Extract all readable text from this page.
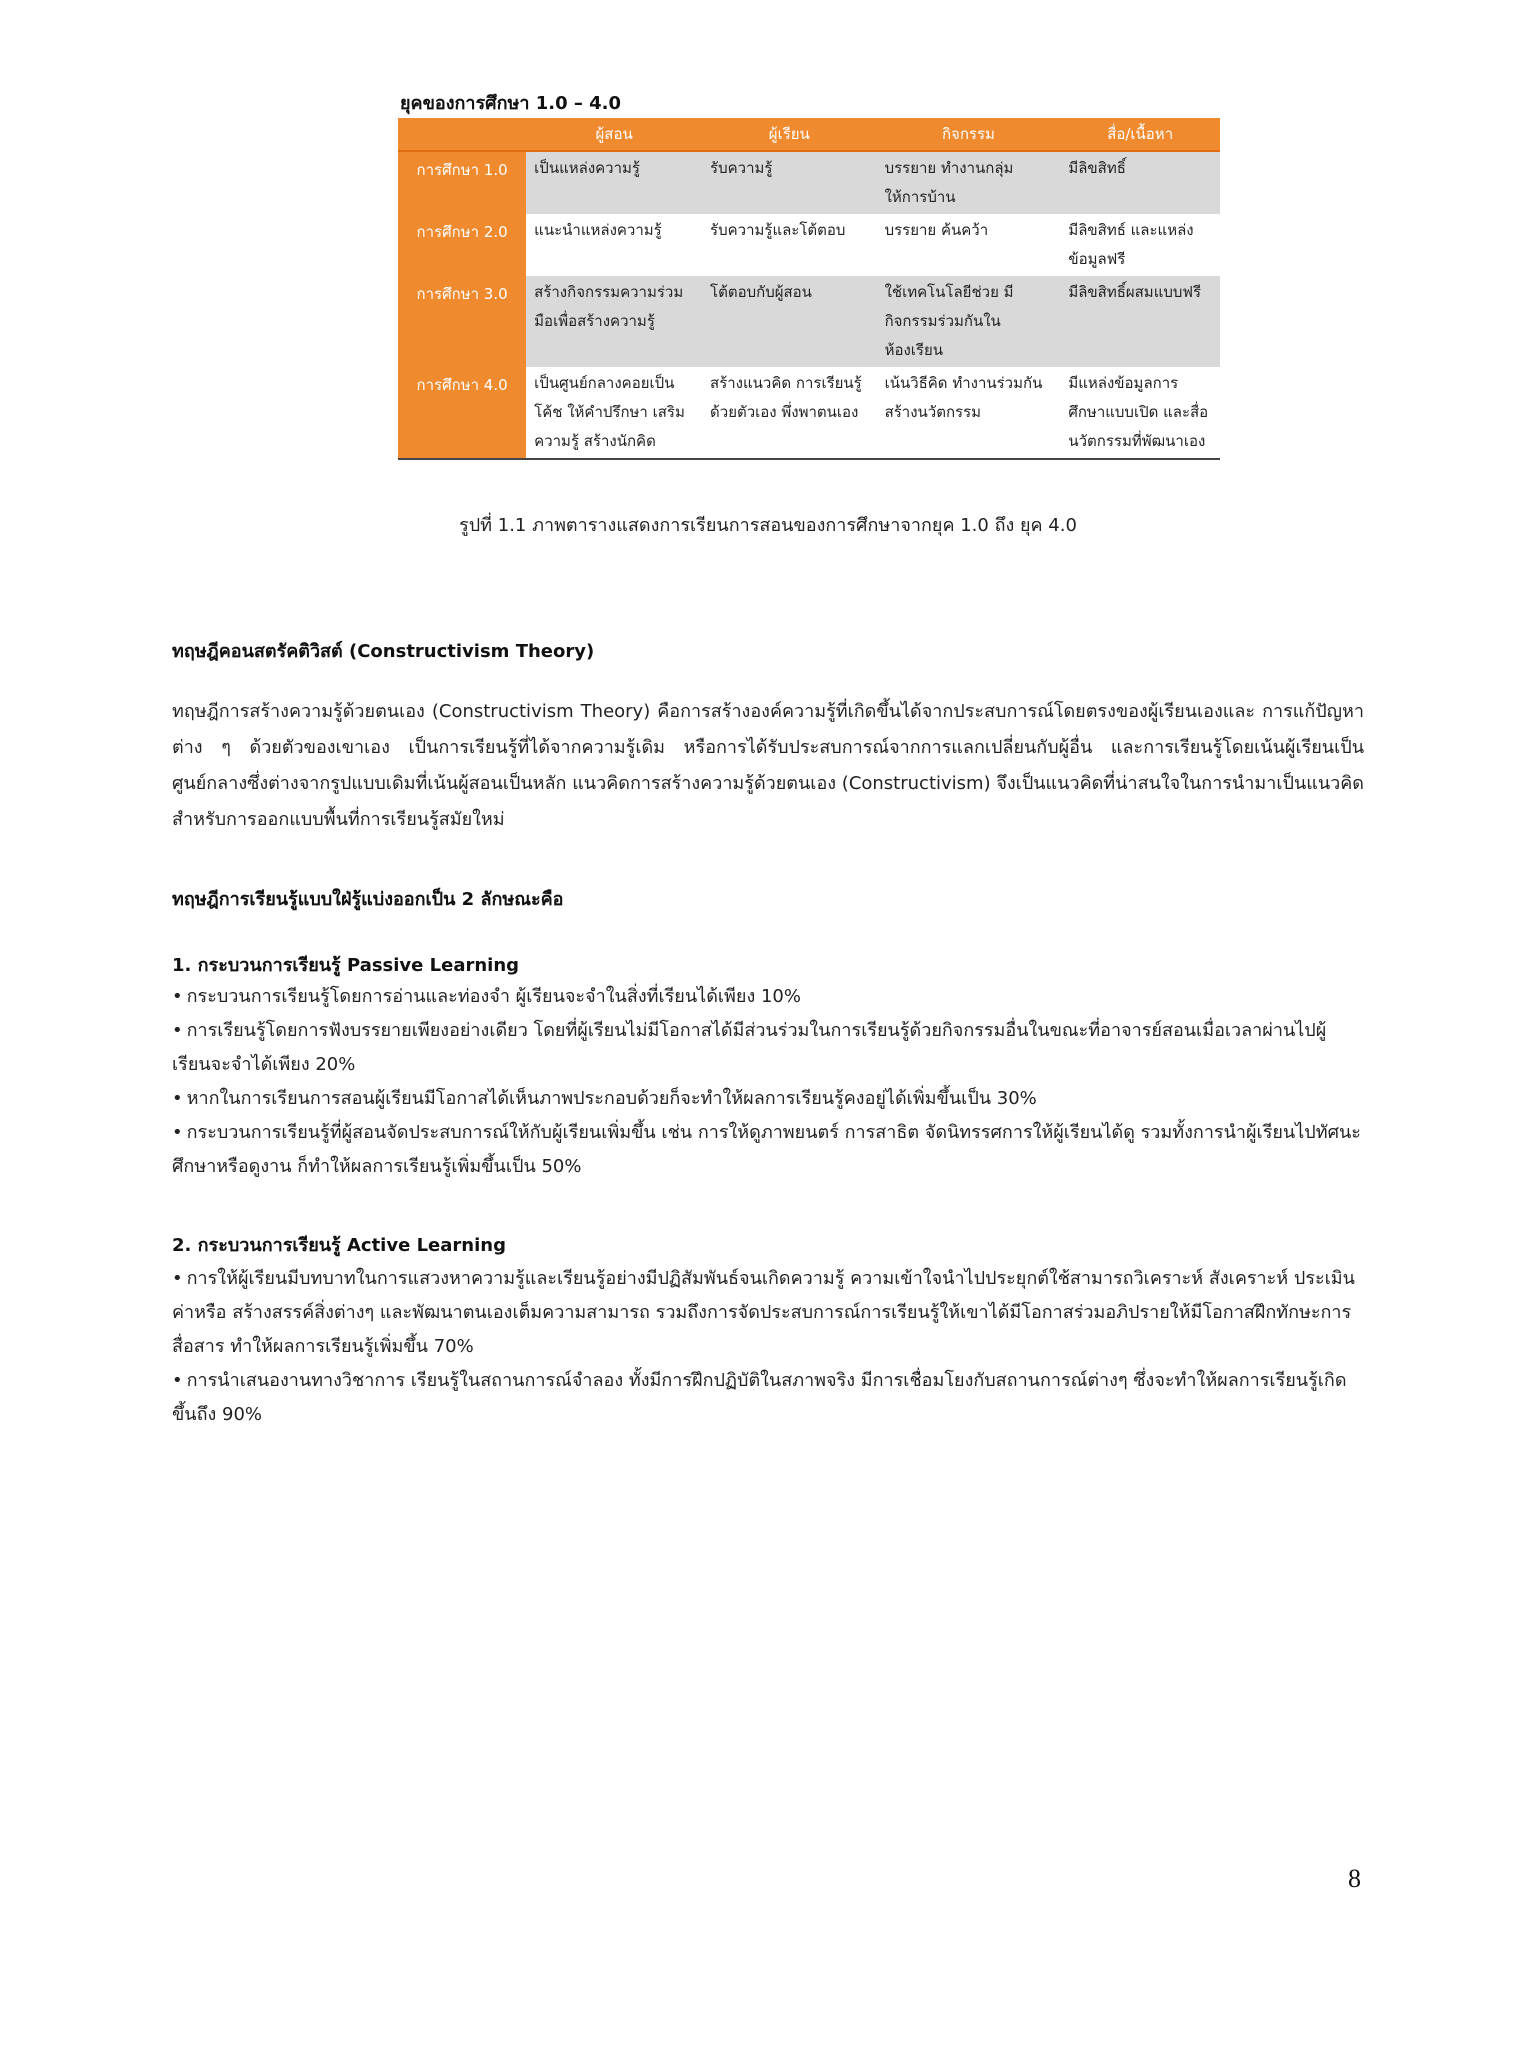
ยุคของการศึกษา 1.0 – 4.0
	ผู้สอน	ผู้เรียน	กิจกรรม	สื่อ/เนื้อหา
การศึกษา 1.0	เป็นแหล่งความรู้	รับความรู้	บรรยาย ทำงานกลุ่ม ให้การบ้าน	มีลิขสิทธิ์
การศึกษา 2.0	แนะนำแหล่งความรู้	รับความรู้และโต้ตอบ	บรรยาย ค้นคว้า	มีลิขสิทธ์ และแหล่งข้อมูลฟรี
การศึกษา 3.0	สร้างกิจกรรมความร่วมมือเพื่อสร้างความรู้	โต้ตอบกับผู้สอน	ใช้เทคโนโลยีช่วย มีกิจกรรมร่วมกันในห้องเรียน	มีลิขสิทธิ์ผสมแบบฟรี
การศึกษา 4.0	เป็นศูนย์กลางคอยเป็นโค้ช ให้คำปรึกษา เสริมความรู้ สร้างนักคิด	สร้างแนวคิด การเรียนรู้ด้วยตัวเอง พึ่งพาตนเอง	เน้นวิธีคิด ทำงานร่วมกัน สร้างนวัตกรรม	มีแหล่งข้อมูลการศึกษาแบบเปิด และสื่อนวัตกรรมที่พัฒนาเอง
รูปที่ 1.1 ภาพตารางแสดงการเรียนการสอนของการศึกษาจากยุค 1.0 ถึง ยุค 4.0
ทฤษฎีคอนสตรัคติวิสต์ (Constructivism Theory)

ทฤษฎีการสร้างความรู้ด้วยตนเอง (Constructivism Theory) คือการสร้างองค์ความรู้ที่เกิดขึ้นได้จากประสบการณ์โดยตรงของผู้เรียนเองและ การแก้ปัญหาต่าง ๆ ด้วยตัวของเขาเอง เป็นการเรียนรู้ที่ได้จากความรู้เดิม หรือการได้รับประสบการณ์จากการแลกเปลี่ยนกับผู้อื่น และการเรียนรู้โดยเน้นผู้เรียนเป็นศูนย์กลางซึ่งต่างจากรูปแบบเดิมที่เน้นผู้สอนเป็นหลัก แนวคิดการสร้างความรู้ด้วยตนเอง (Constructivism) จึงเป็นแนวคิดที่น่าสนใจในการนำมาเป็นแนวคิดสำหรับการออกแบบพื้นที่การเรียนรู้สมัยใหม่

ทฤษฎีการเรียนรู้แบบใฝ่รู้แบ่งออกเป็น 2 ลักษณะคือ
1. กระบวนการเรียนรู้ Passive Learning
• กระบวนการเรียนรู้โดยการอ่านและท่องจำ ผู้เรียนจะจำในสิ่งที่เรียนได้เพียง 10%
• การเรียนรู้โดยการฟังบรรยายเพียงอย่างเดียว โดยที่ผู้เรียนไม่มีโอกาสได้มีส่วนร่วมในการเรียนรู้ด้วยกิจกรรมอื่นในขณะที่อาจารย์สอนเมื่อเวลาผ่านไปผู้เรียนจะจำได้เพียง 20%
• หากในการเรียนการสอนผู้เรียนมีโอกาสได้เห็นภาพประกอบด้วยก็จะทำให้ผลการเรียนรู้คงอยู่ได้เพิ่มขึ้นเป็น 30%
• กระบวนการเรียนรู้ที่ผู้สอนจัดประสบการณ์ให้กับผู้เรียนเพิ่มขึ้น เช่น การให้ดูภาพยนตร์ การสาธิต จัดนิทรรศการให้ผู้เรียนได้ดู รวมทั้งการนำผู้เรียนไปทัศนะศึกษาหรือดูงาน ก็ทำให้ผลการเรียนรู้เพิ่มขึ้นเป็น 50%
2. กระบวนการเรียนรู้ Active Learning
• การให้ผู้เรียนมีบทบาทในการแสวงหาความรู้และเรียนรู้อย่างมีปฏิสัมพันธ์จนเกิดความรู้ ความเข้าใจนำไปประยุกต์ใช้สามารถวิเคราะห์ สังเคราะห์ ประเมินค่าหรือ สร้างสรรค์สิ่งต่างๆ และพัฒนาตนเองเต็มความสามารถ รวมถึงการจัดประสบการณ์การเรียนรู้ให้เขาได้มีโอกาสร่วมอภิปรายให้มีโอกาสฝึกทักษะการสื่อสาร ทำให้ผลการเรียนรู้เพิ่มขึ้น 70%
• การนำเสนองานทางวิชาการ เรียนรู้ในสถานการณ์จำลอง ทั้งมีการฝึกปฏิบัติในสภาพจริง มีการเชื่อมโยงกับสถานการณ์ต่างๆ ซึ่งจะทำให้ผลการเรียนรู้เกิดขึ้นถึง 90%
8
